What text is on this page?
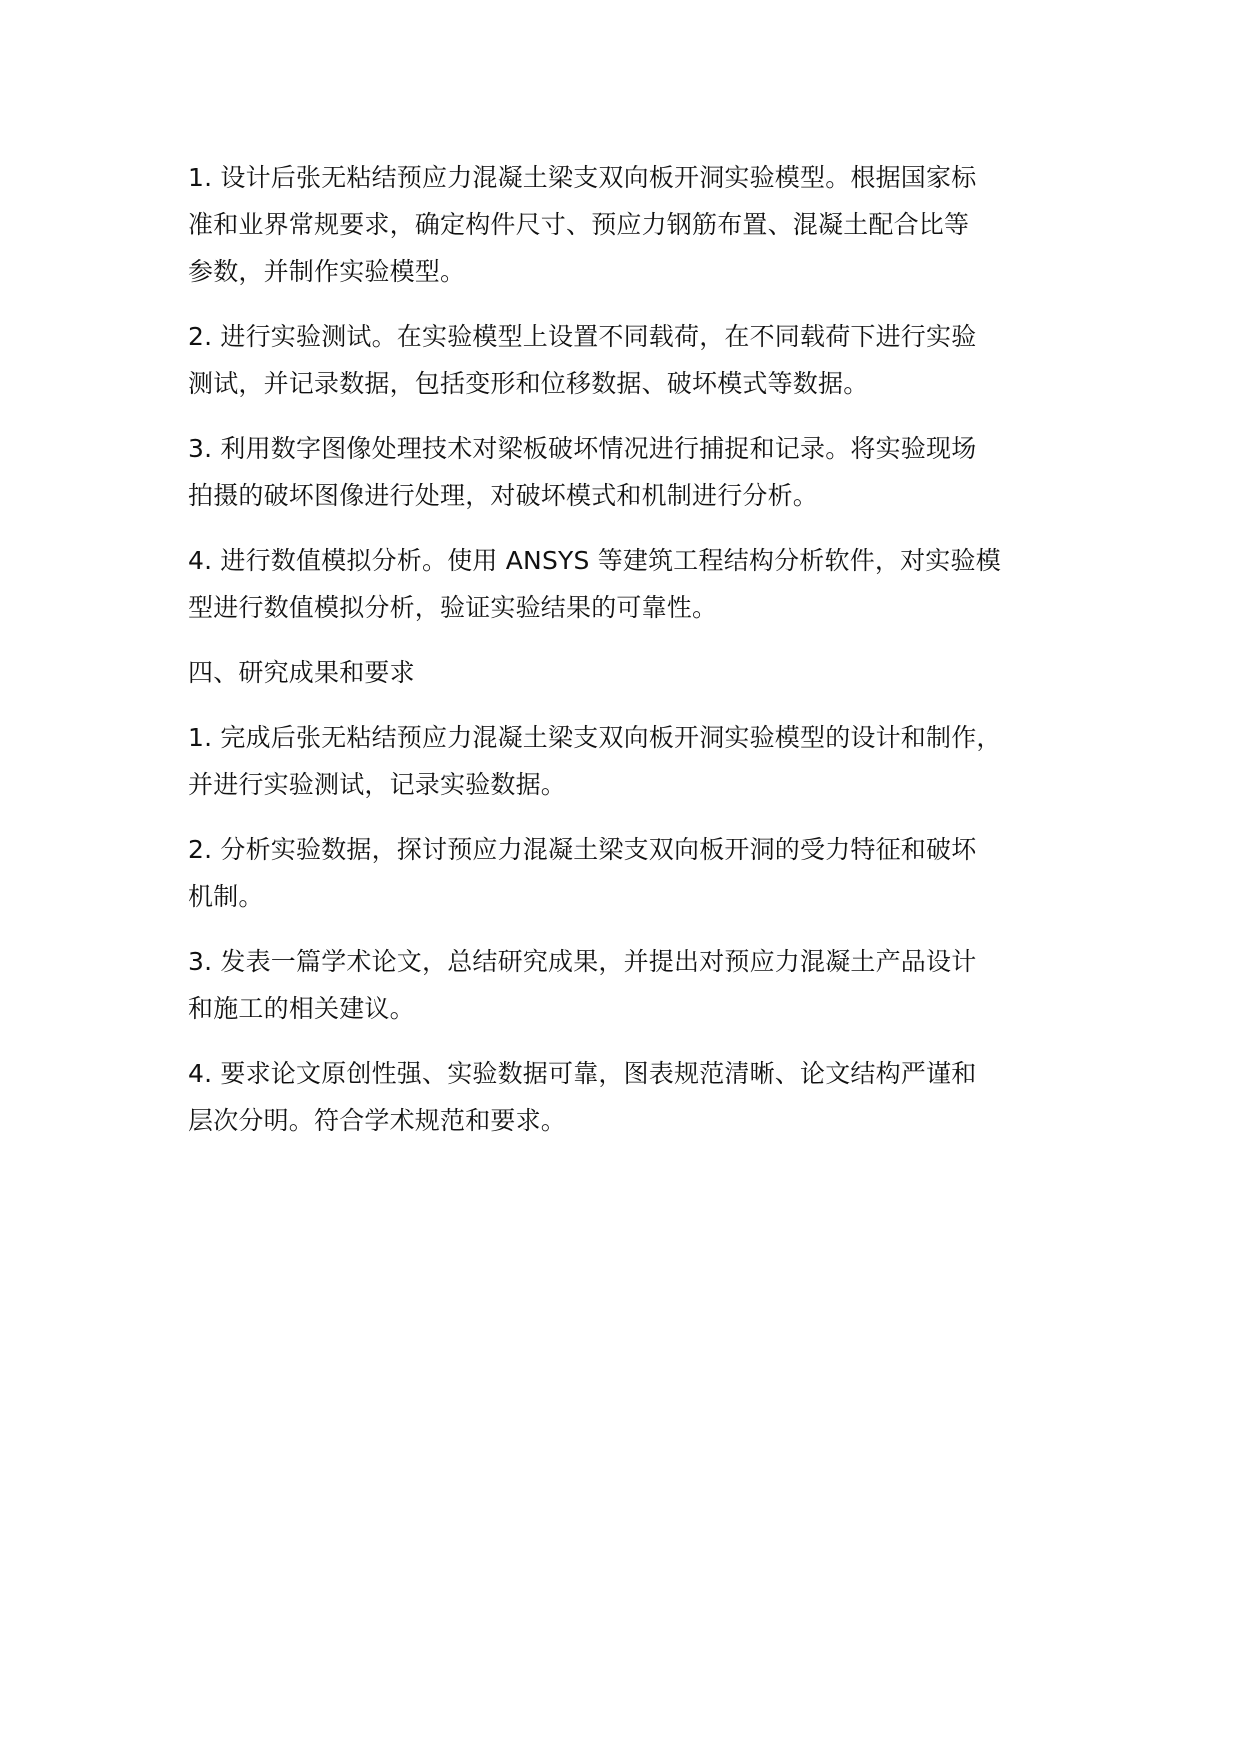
1. 设计后张无粘结预应力混凝土梁支双向板开洞实验模型。根据国家标
准和业界常规要求，确定构件尺寸、预应力钢筋布置、混凝土配合比等
参数，并制作实验模型。

2. 进行实验测试。在实验模型上设置不同载荷，在不同载荷下进行实验
测试，并记录数据，包括变形和位移数据、破坏模式等数据。

3. 利用数字图像处理技术对梁板破坏情况进行捕捉和记录。将实验现场
拍摄的破坏图像进行处理，对破坏模式和机制进行分析。

4. 进行数值模拟分析。使用 ANSYS 等建筑工程结构分析软件，对实验模
型进行数值模拟分析，验证实验结果的可靠性。

四、研究成果和要求

1. 完成后张无粘结预应力混凝土梁支双向板开洞实验模型的设计和制作，
并进行实验测试，记录实验数据。

2. 分析实验数据，探讨预应力混凝土梁支双向板开洞的受力特征和破坏
机制。

3. 发表一篇学术论文，总结研究成果，并提出对预应力混凝土产品设计
和施工的相关建议。

4. 要求论文原创性强、实验数据可靠，图表规范清晰、论文结构严谨和
层次分明。符合学术规范和要求。
